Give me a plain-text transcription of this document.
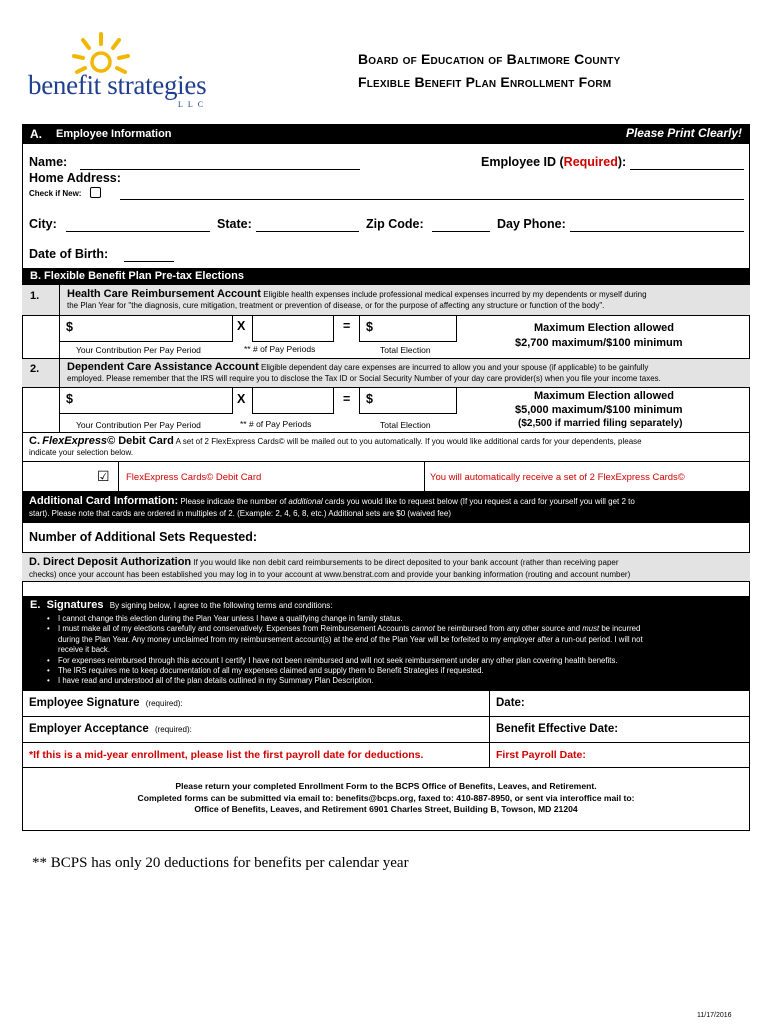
benefit strategies
LLC
Board of Education of Baltimore County
Flexible Benefit Plan Enrollment Form
A. Employee Information	Please Print Clearly!
Name:	Employee ID (Required):
Home Address:
Check if New:
City:	State:	Zip Code:	Day Phone:
Date of Birth:
B. Flexible Benefit Plan Pre-tax Elections
1.	Health Care Reimbursement Account Eligible health expenses include professional medical expenses incurred by my dependents or myself during
the Plan Year for "the diagnosis, cure mitigation, treatment or prevention of disease, or for the purpose of affecting any structure or function of the body".
$	X	= $
Your Contribution Per Pay Period	** # of Pay Periods	Total Election
Maximum Election allowed
$2,700 maximum/$100 minimum
2.	Dependent Care Assistance Account Eligible dependent day care expenses are incurred to allow you and your spouse (if applicable) to be gainfully
employed. Please remember that the IRS will require you to disclose the Tax ID or Social Security Number of your day care provider(s) when you file your income taxes.
$	X	= $
Your Contribution Per Pay Period	** # of Pay Periods	Total Election
Maximum Election allowed
$5,000 maximum/$100 minimum
($2,500 if married filing separately)
C. FlexExpress© Debit Card A set of 2 FlexExpress Cards© will be mailed out to you automatically. If you would like additional cards for your dependents, please
indicate your selection below.
☑ FlexExpress Cards© Debit Card	You will automatically receive a set of 2 FlexExpress Cards©
Additional Card Information: Please indicate the number of additional cards you would like to request below (If you request a card for yourself you will get 2 to
start). Please note that cards are ordered in multiples of 2. (Example: 2, 4, 6, 8, etc.) Additional sets are $0 (waived fee)
Number of Additional Sets Requested:
D. Direct Deposit Authorization If you would like non debit card reimbursements to be direct deposited to your bank account (rather than receiving paper
checks) once your account has been established you may log in to your account at www.benstrat.com and provide your banking information (routing and account number)
E. Signatures By signing below, I agree to the following terms and conditions:
• I cannot change this election during the Plan Year unless I have a qualifying change in family status.
• I must make all of my elections carefully and conservatively. Expenses from Reimbursement Accounts cannot be reimbursed from any other source and must be incurred
during the Plan Year. Any money unclaimed from my reimbursement account(s) at the end of the Plan Year will be forfeited to my employer after a run-out period. I will not
receive it back.
• For expenses reimbursed through this account I certify I have not been reimbursed and will not seek reimbursement under any other plan covering health benefits.
• The IRS requires me to keep documentation of all my expenses claimed and supply them to Benefit Strategies if requested.
• I have read and understood all of the plan details outlined in my Summary Plan Description.
Employee Signature (required):	Date:
Employer Acceptance (required):	Benefit Effective Date:
*If this is a mid-year enrollment, please list the first payroll date for deductions.	First Payroll Date:
Please return your completed Enrollment Form to the BCPS Office of Benefits, Leaves, and Retirement.
Completed forms can be submitted via email to: benefits@bcps.org, faxed to: 410-887-8950, or sent via interoffice mail to:
Office of Benefits, Leaves, and Retirement 6901 Charles Street, Building B, Towson, MD 21204
** BCPS has only 20 deductions for benefits per calendar year
11/17/2016
